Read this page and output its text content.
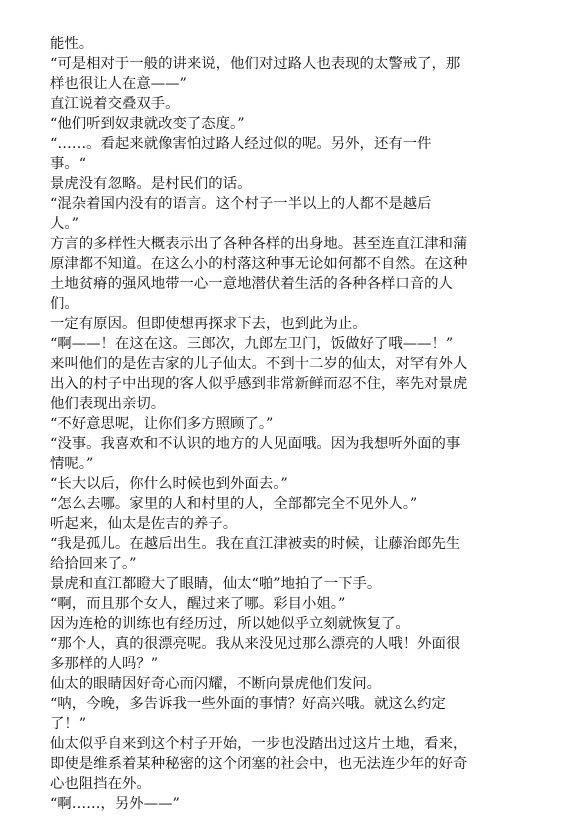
能性。
“可是相对于一般的讲来说，他们对过路人也表现的太警戒了，那
样也很让人在意——”
直江说着交叠双手。
“他们听到奴隶就改变了态度。”
“……。看起来就像害怕过路人经过似的呢。另外，还有一件
事。“
景虎没有忽略。是村民们的话。
“混杂着国内没有的语言。这个村子一半以上的人都不是越后
人。”
方言的多样性大概表示出了各种各样的出身地。甚至连直江津和蒲
原津都不知道。在这么小的村落这种事无论如何都不自然。在这种
土地贫瘠的强风地带一心一意地潜伏着生活的各种各样口音的人
们。
一定有原因。但即使想再探求下去，也到此为止。
“啊——！在这在这。三郎次，九郎左卫门，饭做好了哦——！”
来叫他们的是佐吉家的儿子仙太。不到十二岁的仙太，对罕有外人
出入的村子中出现的客人似乎感到非常新鲜而忍不住，率先对景虎
他们表现出亲切。
“不好意思呢，让你们多方照顾了。”
“没事。我喜欢和不认识的地方的人见面哦。因为我想听外面的事
情呢。”
“长大以后，你什么时候也到外面去。”
“怎么去哪。家里的人和村里的人，全部都完全不见外人。”
听起来，仙太是佐吉的养子。
“我是孤儿。在越后出生。我在直江津被卖的时候，让藤治郎先生
给拾回来了。”
景虎和直江都瞪大了眼睛，仙太“啪”地拍了一下手。
“啊，而且那个女人，醒过来了哪。彩目小姐。”
因为连枪的训练也有经历过，所以她似乎立刻就恢复了。
“那个人，真的很漂亮呢。我从来没见过那么漂亮的人哦！外面很
多那样的人吗？”
仙太的眼睛因好奇心而闪耀，不断向景虎他们发问。
“呐，今晚，多告诉我一些外面的事情？好高兴哦。就这么约定
了！”
仙太似乎自来到这个村子开始，一步也没踏出过这片土地，看来，
即使是维系着某种秘密的这个闭塞的社会中，也无法连少年的好奇
心也阻挡在外。
“啊……，另外——”
